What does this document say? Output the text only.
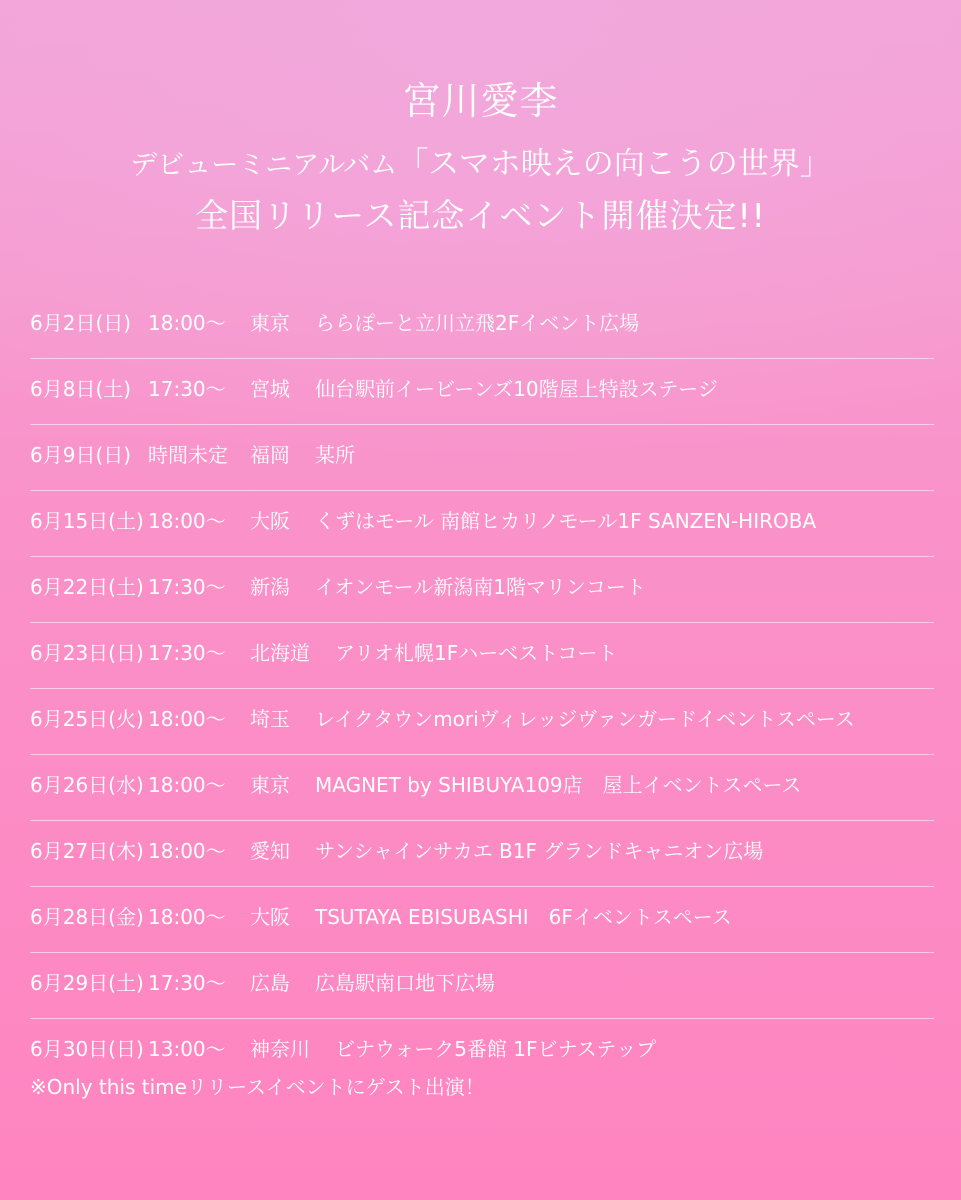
宮川愛李
デビューミニアルバム「スマホ映えの向こうの世界」
全国リリース記念イベント開催決定!!
6月2日(日) 18:00〜 東京 ららぽーと立川立飛2Fイベント広場
6月8日(土) 17:30〜 宮城 仙台駅前イービーンズ10階屋上特設ステージ
6月9日(日) 時間未定 福岡 某所
6月15日(土) 18:00〜 大阪 くずはモール 南館ヒカリノモール1F SANZEN-HIROBA
6月22日(土) 17:30〜 新潟 イオンモール新潟南1階マリンコート
6月23日(日) 17:30〜 北海道 アリオ札幌1Fハーベストコート
6月25日(火) 18:00〜 埼玉 レイクタウンmoriヴィレッジヴァンガードイベントスペース
6月26日(水) 18:00〜 東京 MAGNET by SHIBUYA109店　屋上イベントスペース
6月27日(木) 18:00〜 愛知 サンシャインサカエ B1F グランドキャニオン広場
6月28日(金) 18:00〜 大阪 TSUTAYA EBISUBASHI　6Fイベントスペース
6月29日(土) 17:30〜 広島 広島駅南口地下広場
6月30日(日) 13:00〜 神奈川 ビナウォーク5番館 1Fビナステップ
※Only this timeリリースイベントにゲスト出演！
